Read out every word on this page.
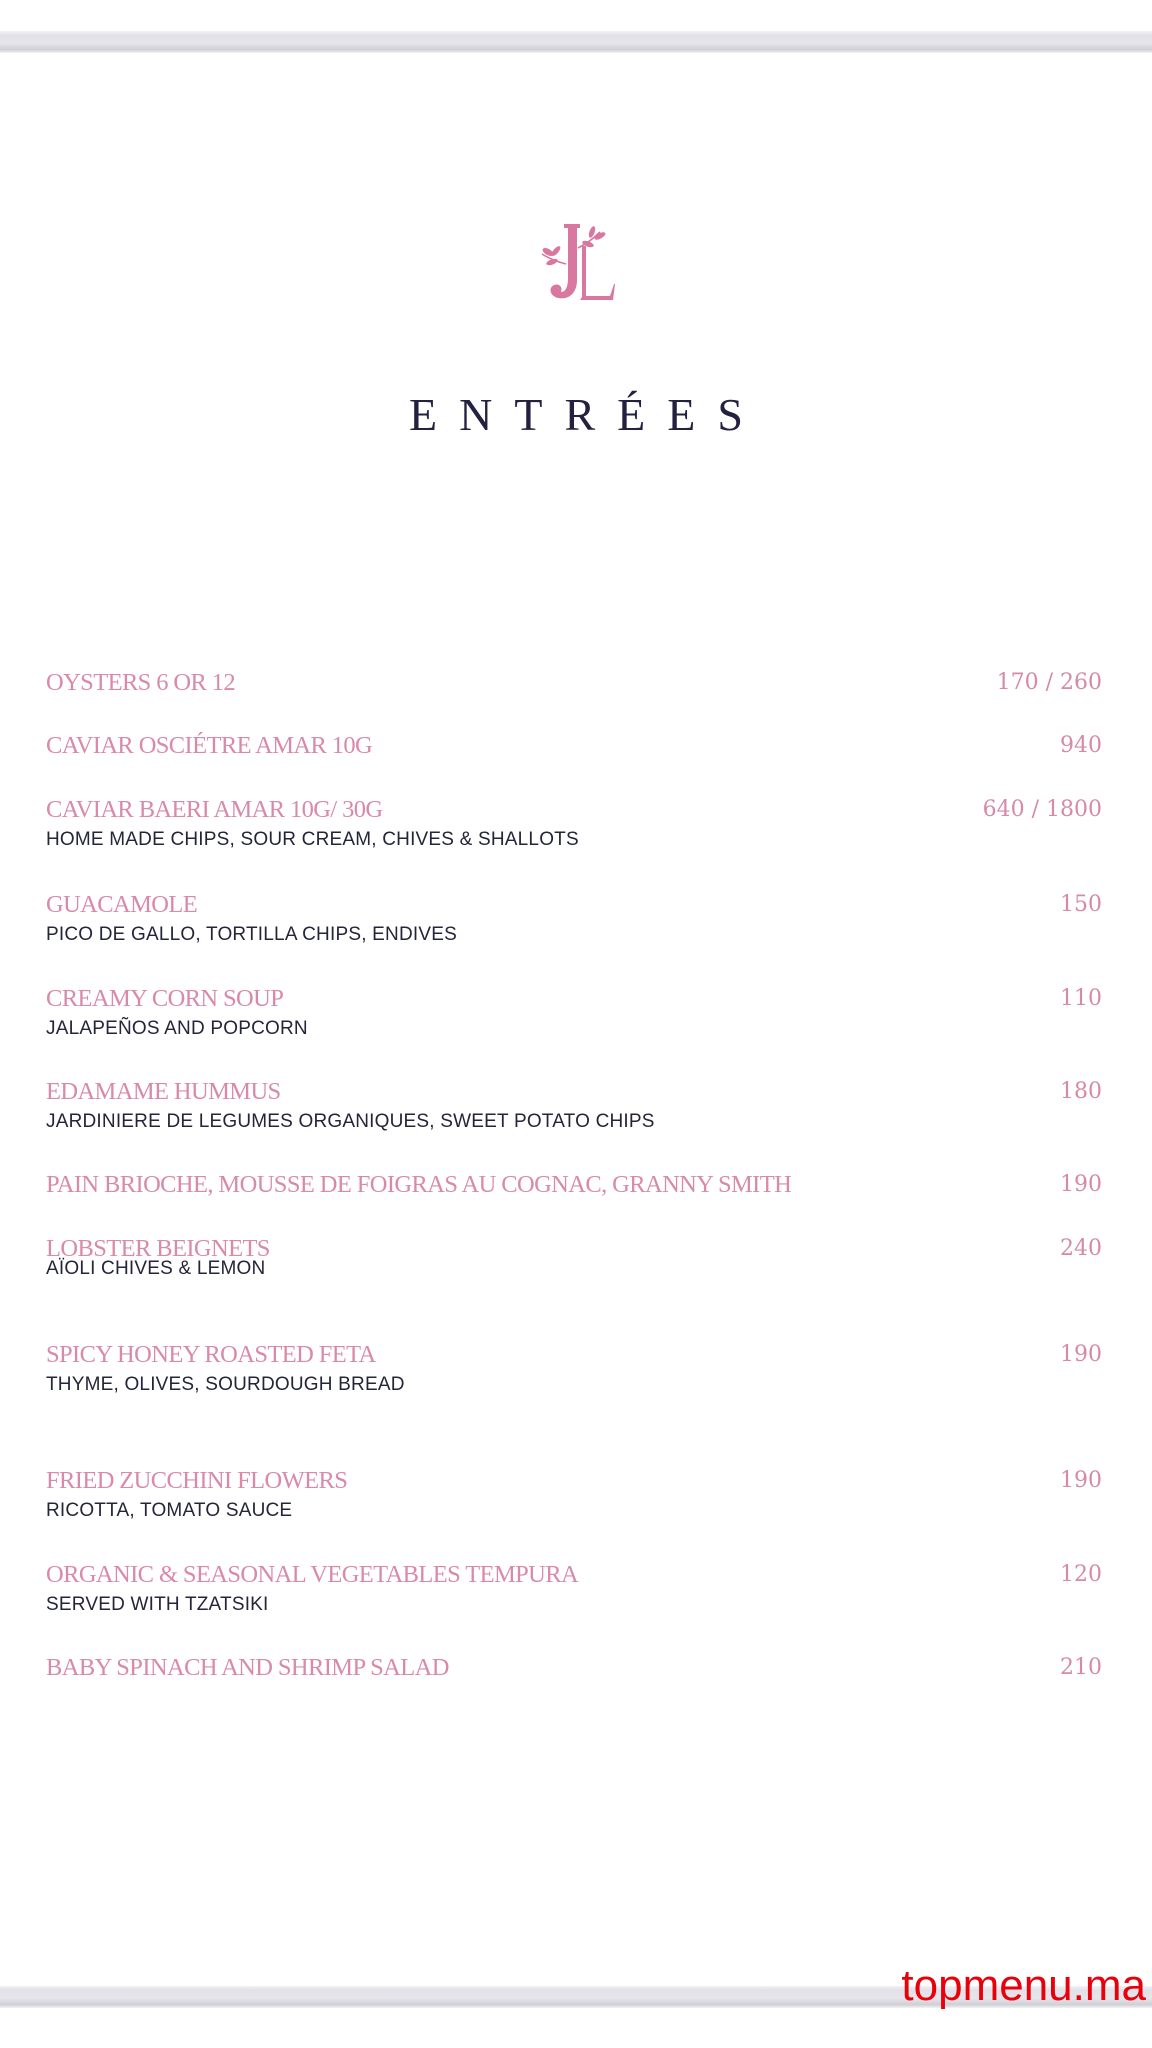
ENTRÉES
OYSTERS 6 OR 12	170 / 260
CAVIAR OSCIÉTRE AMAR 10G	940
CAVIAR BAERI AMAR 10G/ 30G	640 / 1800
HOME MADE CHIPS, SOUR CREAM, CHIVES & SHALLOTS
GUACAMOLE	150
PICO DE GALLO, TORTILLA CHIPS, ENDIVES
CREAMY CORN SOUP	110
JALAPEÑOS AND POPCORN
EDAMAME HUMMUS	180
JARDINIERE DE LEGUMES ORGANIQUES, SWEET POTATO CHIPS
PAIN BRIOCHE, MOUSSE DE FOIGRAS AU COGNAC, GRANNY SMITH	190
LOBSTER BEIGNETS	240
AÏOLI CHIVES & LEMON
SPICY HONEY ROASTED FETA	190
THYME, OLIVES, SOURDOUGH BREAD
FRIED ZUCCHINI FLOWERS	190
RICOTTA, TOMATO SAUCE
ORGANIC & SEASONAL VEGETABLES TEMPURA	120
SERVED WITH TZATSIKI
BABY SPINACH AND SHRIMP SALAD	210
topmenu.ma
